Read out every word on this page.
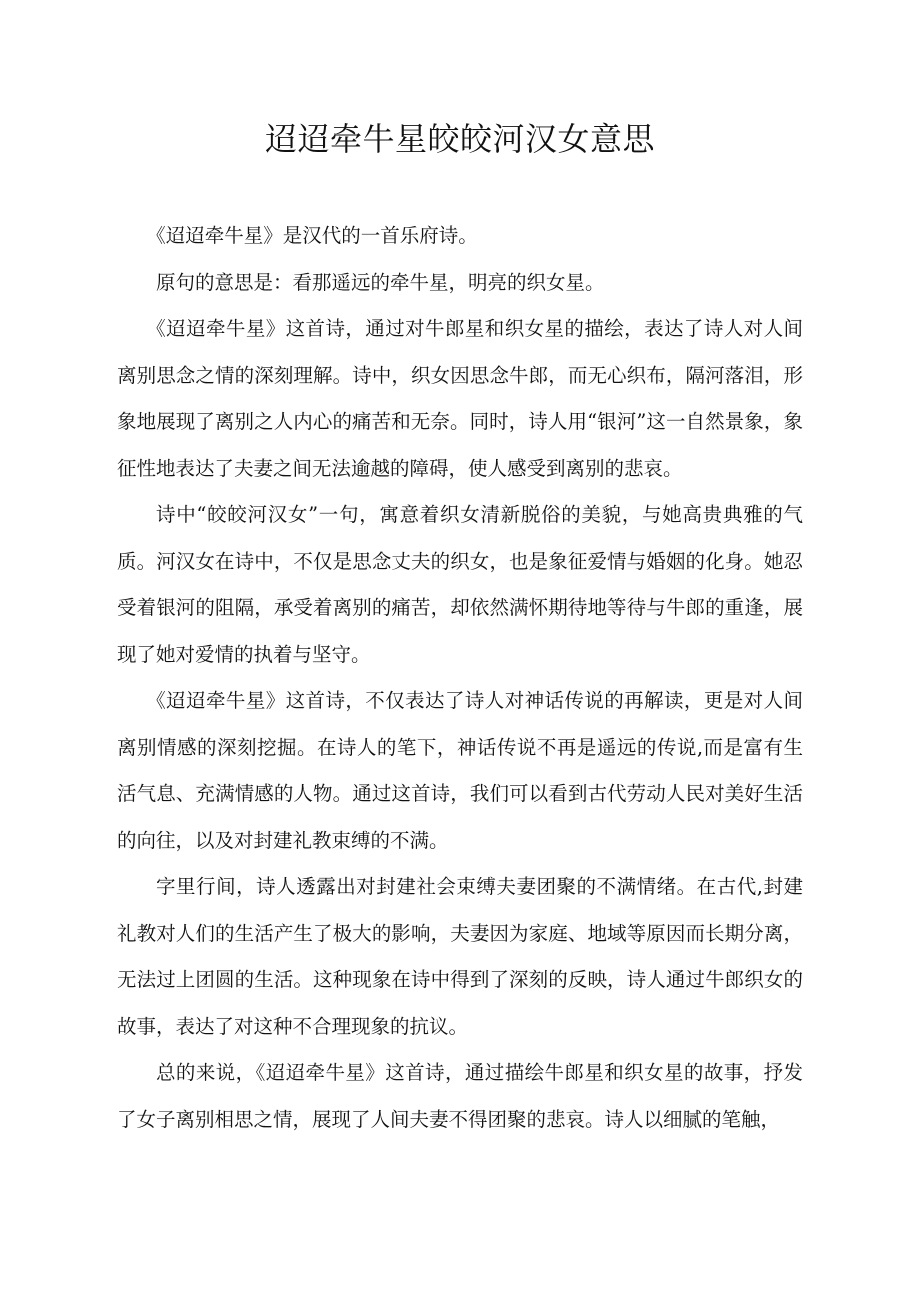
迢迢牵牛星皎皎河汉女意思

《迢迢牵牛星》是汉代的一首乐府诗。

原句的意思是：看那遥远的牵牛星，明亮的织女星。

《迢迢牵牛星》这首诗，通过对牛郎星和织女星的描绘，表达了诗人对人间离别思念之情的深刻理解。诗中，织女因思念牛郎，而无心织布，隔河落泪，形象地展现了离别之人内心的痛苦和无奈。同时，诗人用“银河”这一自然景象，象征性地表达了夫妻之间无法逾越的障碍，使人感受到离别的悲哀。

诗中“皎皎河汉女”一句，寓意着织女清新脱俗的美貌，与她高贵典雅的气质。河汉女在诗中，不仅是思念丈夫的织女，也是象征爱情与婚姻的化身。她忍受着银河的阻隔，承受着离别的痛苦，却依然满怀期待地等待与牛郎的重逢，展现了她对爱情的执着与坚守。

《迢迢牵牛星》这首诗，不仅表达了诗人对神话传说的再解读，更是对人间离别情感的深刻挖掘。在诗人的笔下，神话传说不再是遥远的传说,而是富有生活气息、充满情感的人物。通过这首诗，我们可以看到古代劳动人民对美好生活的向往，以及对封建礼教束缚的不满。

字里行间，诗人透露出对封建社会束缚夫妻团聚的不满情绪。在古代,封建礼教对人们的生活产生了极大的影响，夫妻因为家庭、地域等原因而长期分离，无法过上团圆的生活。这种现象在诗中得到了深刻的反映，诗人通过牛郎织女的故事，表达了对这种不合理现象的抗议。

总的来说，《迢迢牵牛星》这首诗，通过描绘牛郎星和织女星的故事，抒发了女子离别相思之情，展现了人间夫妻不得团聚的悲哀。诗人以细腻的笔触，
